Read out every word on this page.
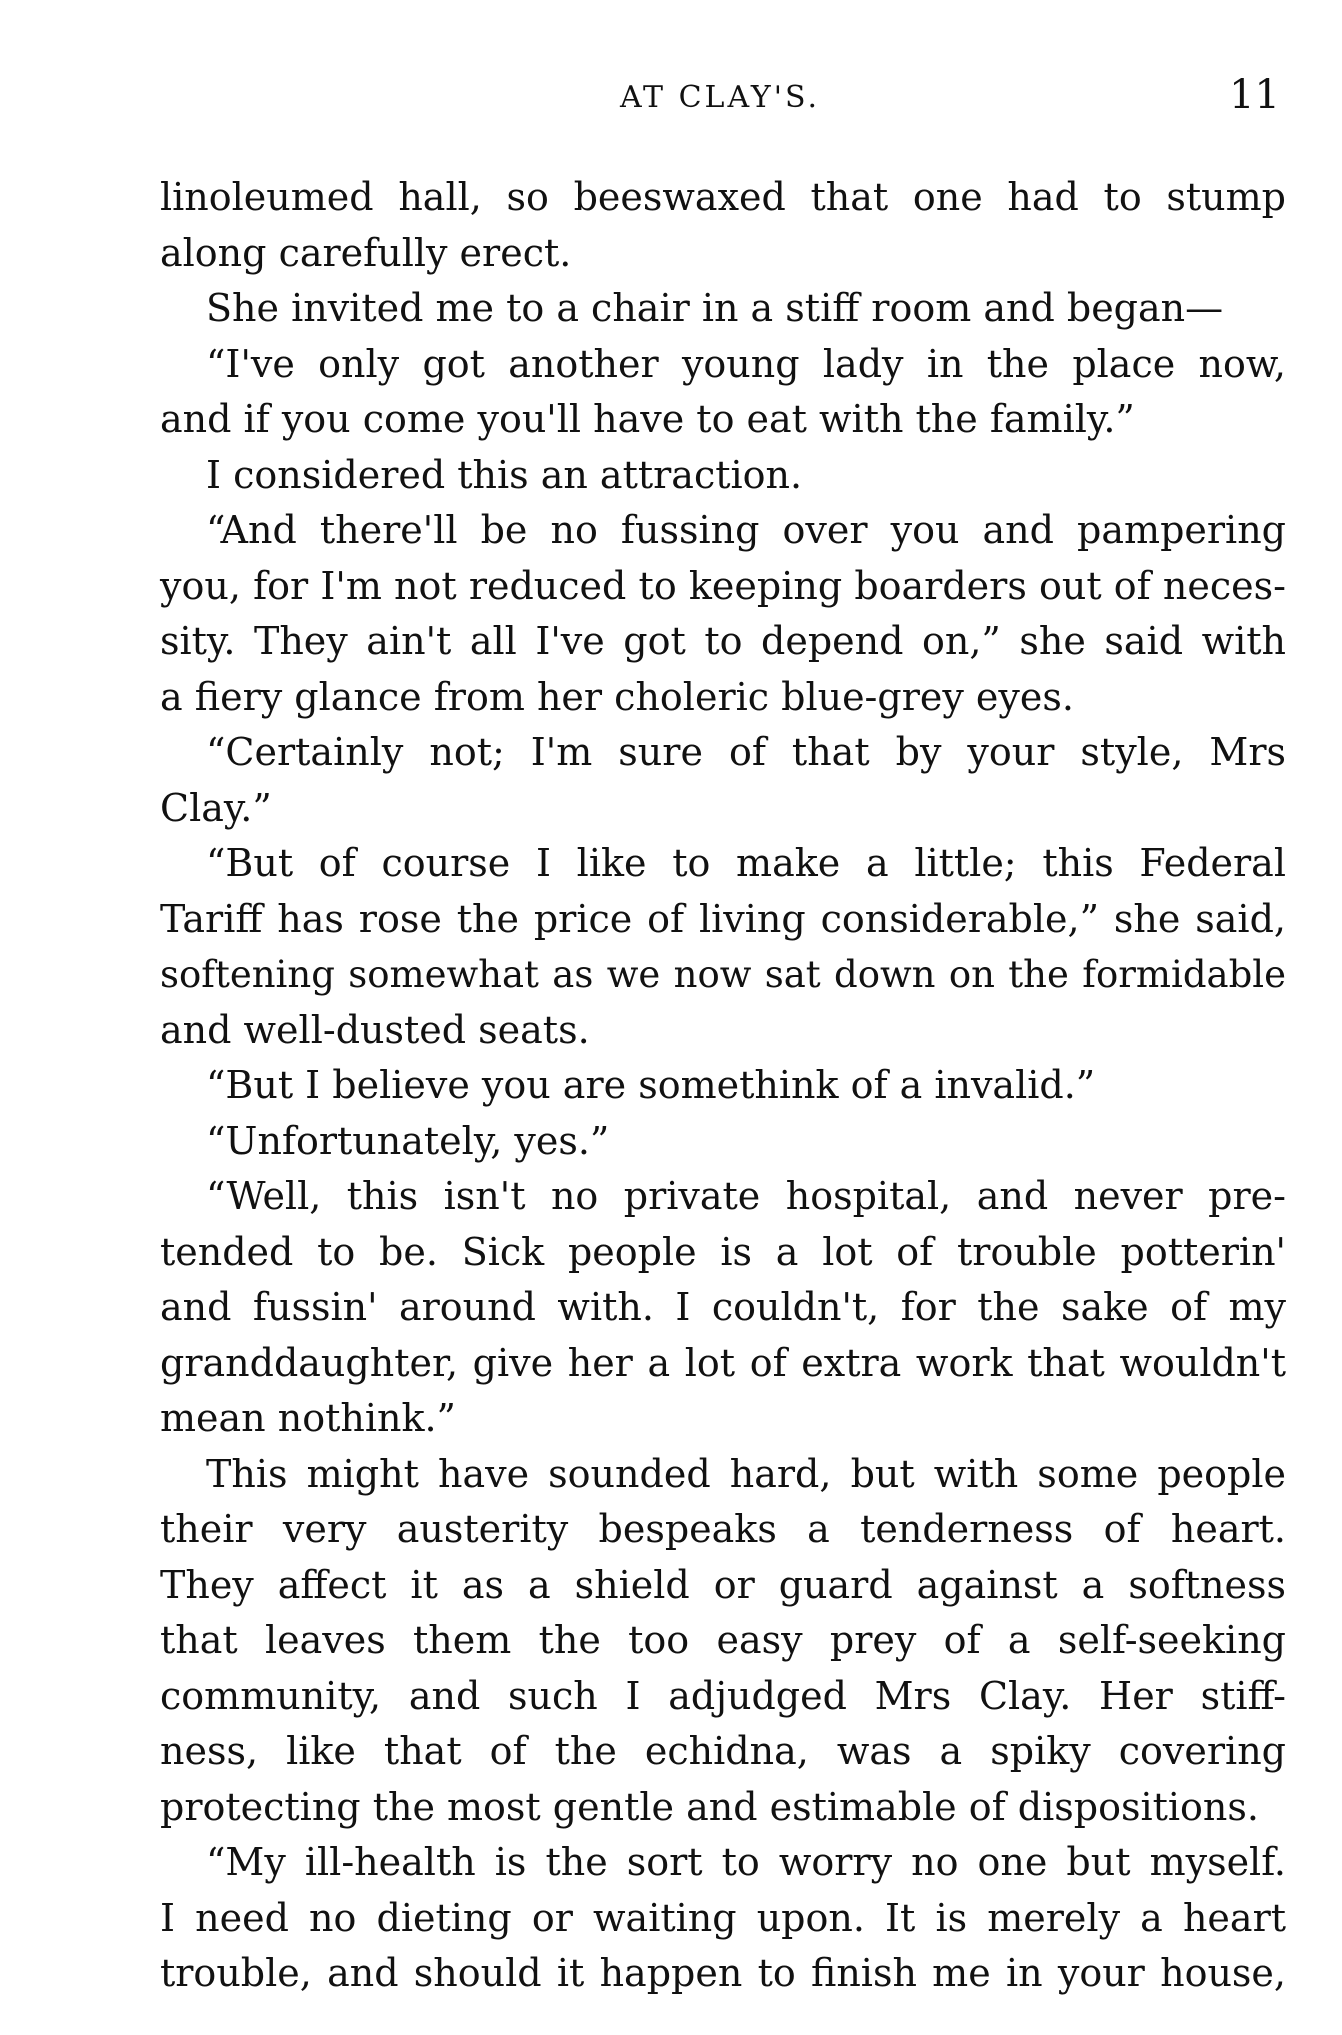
AT CLAY'S.	11
linoleumed hall, so beeswaxed that one had to stump
along carefully erect.
She invited me to a chair in a stiff room and began—
“I've only got another young lady in the place now,
and if you come you'll have to eat with the family.”
I considered this an attraction.
“And there'll be no fussing over you and pampering
you, for I'm not reduced to keeping boarders out of neces-
sity. They ain't all I've got to depend on,” she said with
a fiery glance from her choleric blue-grey eyes.
“Certainly not; I'm sure of that by your style, Mrs
Clay.”
“But of course I like to make a little; this Federal
Tariff has rose the price of living considerable,” she said,
softening somewhat as we now sat down on the formidable
and well-dusted seats.
“But I believe you are somethink of a invalid.”
“Unfortunately, yes.”
“Well, this isn't no private hospital, and never pre-
tended to be. Sick people is a lot of trouble potterin'
and fussin' around with. I couldn't, for the sake of my
granddaughter, give her a lot of extra work that wouldn't
mean nothink.”
This might have sounded hard, but with some people
their very austerity bespeaks a tenderness of heart.
They affect it as a shield or guard against a softness
that leaves them the too easy prey of a self-seeking
community, and such I adjudged Mrs Clay. Her stiff-
ness, like that of the echidna, was a spiky covering
protecting the most gentle and estimable of dispositions.
“My ill-health is the sort to worry no one but myself.
I need no dieting or waiting upon. It is merely a heart
trouble, and should it happen to finish me in your house,
